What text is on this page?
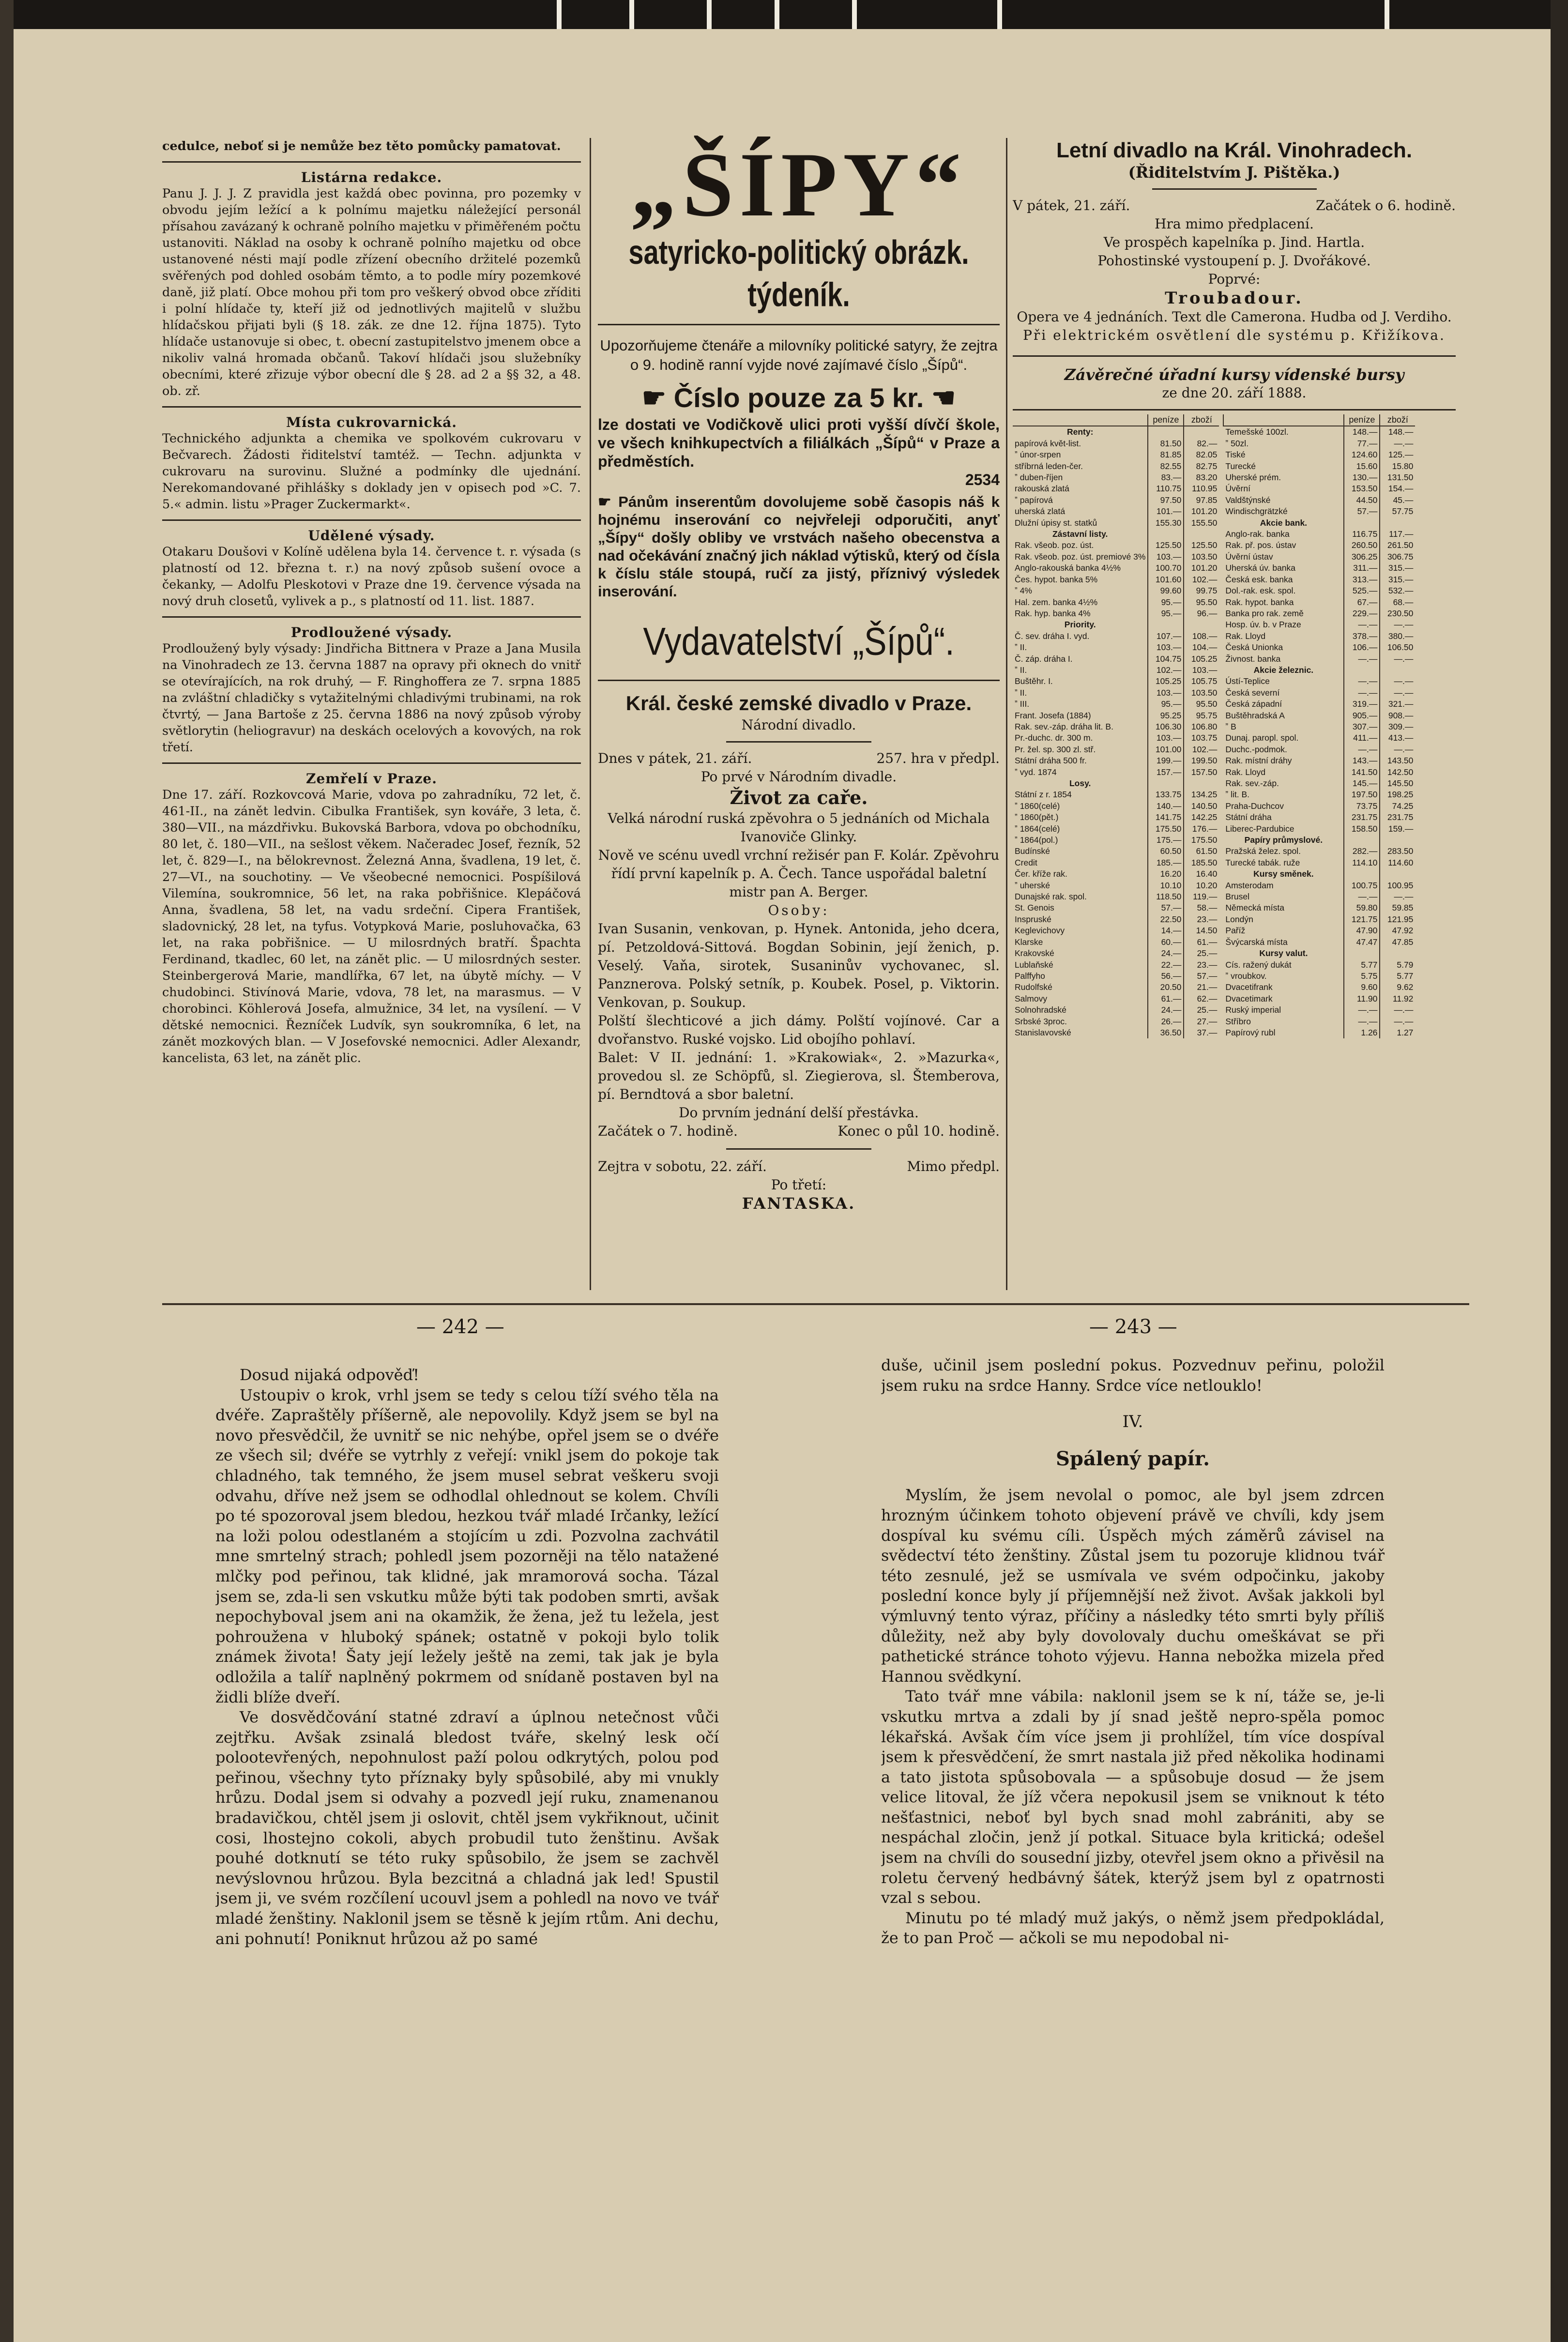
cedulce, neboť si je nemůže bez těto pomůcky pamatovat.

Listárna redakce.

Panu J. J. J. Z pravidla jest každá obec povinna, pro pozemky v obvodu jejím ležící a k polnímu majetku náležející personál přísahou zavázaný k ochraně polního majetku v přiměřeném počtu ustanoviti. Náklad na osoby k ochraně polního majetku od obce ustanovené nésti mají podle zřízení obecního držitelé pozemků svěřených pod dohled osobám těmto, a to podle míry pozemkové daně, již platí. Obce mohou při tom pro veškerý obvod obce zříditi i polní hlídače ty, kteří již od jednotlivých majitelů v službu hlídačskou přijati byli (§ 18. zák. ze dne 12. října 1875). Tyto hlídače ustanovuje si obec, t. obecní zastupitelstvo jmenem obce a nikoliv valná hromada občanů. Takoví hlídači jsou služebníky obecními, které zřizuje výbor obecní dle § 28. ad 2 a §§ 32, a 48. ob. zř.

Místa cukrovarnická.

Technického adjunkta a chemika ve spolkovém cukrovaru v Bečvarech. Žádosti řiditelství tamtéž. — Techn. adjunkta v cukrovaru na surovinu. Služné a podmínky dle ujednání. Nerekomandované přihlášky s doklady jen v opisech pod »C. 7. 5.« admin. listu »Prager Zuckermarkt«.

Udělené výsady.

Otakaru Doušovi v Kolíně udělena byla 14. července t. r. výsada (s platností od 12. března t. r.) na nový způsob sušení ovoce a čekanky, — Adolfu Pleskotovi v Praze dne 19. července výsada na nový druh closetů, vylivek a p., s platností od 11. list. 1887.

Prodloužené výsady.

Prodloužený byly výsady: Jindřicha Bittnera v Praze a Jana Musila na Vinohradech ze 13. června 1887 na opravy při oknech do vnitř se otevírajících, na rok druhý, — F. Ringhoffera ze 7. srpna 1885 na zvláštní chladičky s vytažitelnými chladivými trubinami, na rok čtvrtý, — Jana Bartoše z 25. června 1886 na nový způsob výroby světlorytin (heliogravur) na deskách ocelových a kovových, na rok třetí.

Zemřelí v Praze.

Dne 17. září. Rozkovcová Marie, vdova po zahradníku, 72 let, č. 461-II., na zánět ledvin. Cibulka František, syn kováře, 3 leta, č. 380—VII., na mázdřivku. Bukovská Barbora, vdova po obchodníku, 80 let, č. 180—VII., na sešlost věkem. Načeradec Josef, řezník, 52 let, č. 829—I., na bělokrevnost. Železná Anna, švadlena, 19 let, č. 27—VI., na souchotiny. — Ve všeobecné nemocnici. Pospíšilová Vilemína, soukromnice, 56 let, na raka pobřišnice. Klepáčová Anna, švadlena, 58 let, na vadu srdeční. Cipera František, sladovnický, 28 let, na tyfus. Votypková Marie, posluhovačka, 63 let, na raka pobřišnice. — U milosrdných bratří. Špachta Ferdinand, tkadlec, 60 let, na zánět plic. — U milosrdných sester. Steinbergerová Marie, mandlířka, 67 let, na úbytě míchy. — V chudobinci. Stivínová Marie, vdova, 78 let, na marasmus. — V chorobinci. Köhlerová Josefa, almužnice, 34 let, na vysílení. — V dětské nemocnici. Řezníček Ludvík, syn soukromníka, 6 let, na zánět mozkových blan. — V Josefovské nemocnici. Adler Alexandr, kancelista, 63 let, na zánět plic.

„ŠÍPY“
satyricko-politický obrázk. týdeník.

Upozorňujeme čtenáře a milovníky politické satyry, že zejtra o 9. hodině ranní vyjde nové zajímavé číslo „Šípů“.

☛ Číslo pouze za 5 kr. ☚

lze dostati ve Vodičkově ulici proti vyšší dívčí škole, ve všech knihkupectvích a filiálkách „Šípů“ v Praze a předměstích.

2534

☛ Pánům inserentům dovolujeme sobě časopis náš k hojnému inserování co nejvřeleji odporučiti, anyť „Šípy“ došly obliby ve vrstvách našeho obecenstva a nad očekávání značný jich náklad výtisků, který od čísla k číslu stále stoupá, ručí za jistý, příznivý výsledek inserování.

Vydavatelství „Šípů“.

Král. české zemské divadlo v Praze.

Národní divadlo.

Dnes v pátek, 21. září.	257. hra v předpl.

Po prvé v Národním divadle.

Život za caře.

Velká národní ruská zpěvohra o 5 jednáních od Michala Ivanoviče Glinky.

Nově ve scénu uvedl vrchní režisér pan F. Kolár. Zpěvohru řídí první kapelník p. A. Čech. Tance uspořádal baletní mistr pan A. Berger.

Osoby:

Ivan Susanin, venkovan, p. Hynek. Antonida, jeho dcera, pí. Petzoldová-Sittová. Bogdan Sobinin, její ženich, p. Veselý. Vaňa, sirotek, Susaninův vychovanec, sl. Panznerova. Polský setník, p. Koubek. Posel, p. Viktorin. Venkovan, p. Soukup.

Polští šlechticové a jich dámy. Polští vojínové. Car a dvořanstvo. Ruské vojsko. Lid obojího pohlaví.

Balet: V II. jednání: 1. »Krakowiak«, 2. »Mazurka«, provedou sl. ze Schöpfů, sl. Ziegierova, sl. Štemberova, pí. Berndtová a sbor baletní.

Do prvním jednání delší přestávka.

Začátek o 7. hodině.	Konec o půl 10. hodině.
Zejtra v sobotu, 22. září.	Mimo předpl.

Po třetí:

FANTASKA.

Letní divadlo na Král. Vinohradech.

(Řiditelstvím J. Pištěka.)

V pátek, 21. září.	Začátek o 6. hodině.

Hra mimo předplacení.

Ve prospěch kapelníka p. Jind. Hartla.

Pohostinské vystoupení p. J. Dvořákové.

Poprvé:

Troubadour.

Opera ve 4 jednáních. Text dle Camerona. Hudba od J. Verdiho.

Při elektrickém osvětlení dle systému p. Křižíkova.

Závěrečné úřadní kursy vídenské bursy

ze dne 20. září 1888.

	peníze	zboží
Renty:		
papírová květ-list.	81.50	82.—
ˮ únor-srpen	81.85	82.05
stříbrná leden-čer.	82.55	82.75
ˮ duben-říjen	83.—	83.20
rakouská zlatá	110.75	110.95
ˮ papírová	97.50	97.85
uherská zlatá	101.—	101.20
Dlužní úpisy st. statků	155.30	155.50
Zástavní listy.		
Rak. všeob. poz. úst.	125.50	125.50
Rak. všeob. poz. úst. premiové 3%	103.—	103.50
Anglo-rakouská banka 4½%	100.70	101.20
Čes. hypot. banka 5%	101.60	102.—
ˮ 4%	99.60	99.75
Hal. zem. banka 4½%	95.—	95.50
Rak. hyp. banka 4%	95.—	96.—
Priority.		
Č. sev. dráha I. vyd.	107.—	108.—
ˮ II.	103.—	104.—
Č. záp. dráha I.	104.75	105.25
ˮ II.	102.—	103.—
Buštěhr. I.	105.25	105.75
ˮ II.	103.—	103.50
ˮ III.	95.—	95.50
Frant. Josefa (1884)	95.25	95.75
Rak. sev.-záp. dráha lit. B.	106.30	106.80
Pr.-duchc. dr. 300 m.	103.—	103.75
Pr. žel. sp. 300 zl. stř.	101.00	102.—
Státní dráha 500 fr.	199.—	199.50
ˮ vyd. 1874	157.—	157.50
Losy.		
Státní z r. 1854	133.75	134.25
ˮ 1860(celé)	140.—	140.50
ˮ 1860(pět.)	141.75	142.25
ˮ 1864(celé)	175.50	176.—
ˮ 1864(pol.)	175.—	175.50
Budínské	60.50	61.50
Credit	185.—	185.50
Čer. kříže rak.	16.20	16.40
ˮ uherské	10.10	10.20
Dunajské rak. spol.	118.50	119.—
St. Genois	57.—	58.—
Inspruské	22.50	23.—
Keglevichovy	14.—	14.50
Klarske	60.—	61.—
Krakovské	24.—	25.—
Lublaňské	22.—	23.—
Palffyho	56.—	57.—
Rudolfské	20.50	21.—
Salmovy	61.—	62.—
Solnohradské	24.—	25.—
Srbské 3proc.	26.—	27.—
Stanislavovské	36.50	37.—
	peníze	zboží
Temešské 100zl.	148.—	148.—
ˮ 50zl.	77.—	—.—
Tiské	124.60	125.—
Turecké	15.60	15.80
Uherské prém.	130.—	131.50
Úvěrní	153.50	154.—
Valdštýnské	44.50	45.—
Windischgrätzké	57.—	57.75
Akcie bank.		
Anglo-rak. banka	116.75	117.—
Rak. př. pos. ústav	260.50	261.50
Úvěrní ústav	306.25	306.75
Uherská úv. banka	311.—	315.—
Česká esk. banka	313.—	315.—
Dol.-rak. esk. spol.	525.—	532.—
Rak. hypot. banka	67.—	68.—
Banka pro rak. země	229.—	230.50
Hosp. úv. b. v Praze	—.—	—.—
Rak. Lloyd	378.—	380.—
Česká Unionka	106.—	106.50
Živnost. banka	—.—	—.—
Akcie železnic.		
Ústí-Teplice	—.—	—.—
Česká severní	—.—	—.—
Česká západní	319.—	321.—
Buštěhradská A	905.—	908.—
ˮ B	307.—	309.—
Dunaj. paropl. spol.	411.—	413.—
Duchc.-podmok.	—.—	—.—
Rak. místní dráhy	143.—	143.50
Rak. Lloyd	141.50	142.50
Rak. sev.-záp.	145.—	145.50
ˮ lit. B.	197.50	198.25
Praha-Duchcov	73.75	74.25
Státní dráha	231.75	231.75
Liberec-Pardubice	158.50	159.—
Papíry průmyslové.		
Pražská želez. spol.	282.—	283.50
Turecké tabák. ruže	114.10	114.60
Kursy směnek.		
Amsterodam	100.75	100.95
Brusel	—.—	—.—
Německá místa	59.80	59.85
Londýn	121.75	121.95
Paříž	47.90	47.92
Švýcarská místa	47.47	47.85
Kursy valut.		
Cís. ražený dukát	5.77	5.79
ˮ vroubkov.	5.75	5.77
Dvacetifrank	9.60	9.62
Dvacetimark	11.90	11.92
Ruský imperial	—.—	—.—
Stříbro	—.—	—.—
Papírový rubl	1.26	1.27
— 242 —	— 243 —

Dosud nijaká odpověď!

Ustoupiv o krok, vrhl jsem se tedy s celou tíží svého těla na dvéře. Zapraštěly příšerně, ale nepovolily. Když jsem se byl na novo přesvědčil, že uvnitř se nic nehýbe, opřel jsem se o dvéře ze všech sil; dvéře se vytrhly z veřejí: vnikl jsem do pokoje tak chladného, tak temného, že jsem musel sebrat veškeru svoji odvahu, dříve než jsem se odhodlal ohlednout se kolem. Chvíli po té spozoroval jsem bledou, hezkou tvář mladé Irčanky, ležící na loži polou odestlaném a stojícím u zdi. Pozvolna zachvátil mne smrtelný strach; pohledl jsem pozorněji na tělo natažené mlčky pod peřinou, tak klidné, jak mramorová socha. Tázal jsem se, zda-li sen vskutku může býti tak podoben smrti, avšak nepochyboval jsem ani na okamžik, že žena, jež tu ležela, jest pohroužena v hluboký spánek; ostatně v pokoji bylo tolik známek života! Šaty její ležely ještě na zemi, tak jak je byla odložila a talíř naplněný pokrmem od snídaně postaven byl na židli blíže dveří.

Ve dosvědčování statné zdraví a úplnou netečnost vůči zejtřku. Avšak zsinalá bledost tváře, skelný lesk očí polootevřených, nepohnulost paží polou odkrytých, polou pod peřinou, všechny tyto příznaky byly spůsobilé, aby mi vnukly hrůzu. Dodal jsem si odvahy a pozvedl její ruku, znamenanou bradavičkou, chtěl jsem ji oslovit, chtěl jsem vykřiknout, učinit cosi, lhostejno cokoli, abych probudil tuto ženštinu. Avšak pouhé dotknutí se této ruky spůsobilo, že jsem se zachvěl nevýslovnou hrůzou. Byla bezcitná a chladná jak led! Spustil jsem ji, ve svém rozčílení ucouvl jsem a pohledl na novo ve tvář mladé ženštiny. Naklonil jsem se těsně k jejím rtům. Ani dechu, ani pohnutí! Poniknut hrůzou až po samé

duše, učinil jsem poslední pokus. Pozvednuv peřinu, položil jsem ruku na srdce Hanny. Srdce více netlouklo!

IV.

Spálený papír.

Myslím, že jsem nevolal o pomoc, ale byl jsem zdrcen hrozným účinkem tohoto objevení právě ve chvíli, kdy jsem dospíval ku svému cíli. Úspěch mých záměrů závisel na svědectví této ženštiny. Zůstal jsem tu pozoruje klidnou tvář této zesnulé, jež se usmívala ve svém odpočinku, jakoby poslední konce byly jí příjemnější než život. Avšak jakkoli byl výmluvný tento výraz, příčiny a následky této smrti byly příliš důležity, než aby byly dovolovaly duchu omeškávat se při pathetické stránce tohoto výjevu. Hanna nebožka mizela před Hannou svědkyní.

Tato tvář mne vábila: naklonil jsem se k ní, táže se, je-li vskutku mrtva a zdali by jí snad ještě nepro-spěla pomoc lékařská. Avšak čím více jsem ji prohlížel, tím více dospíval jsem k přesvědčení, že smrt nastala již před několika hodinami a tato jistota spůsobovala — a spůsobuje dosud — že jsem velice litoval, že jíž včera nepokusil jsem se vniknout k této nešťastnici, neboť byl bych snad mohl zabrániti, aby se nespáchal zločin, jenž jí potkal. Situace byla kritická; odešel jsem na chvíli do sousední jizby, otevřel jsem okno a přivěsil na roletu červený hedbávný šátek, kterýž jsem byl z opatrnosti vzal s sebou.

Minutu po té mladý muž jakýs, o němž jsem předpokládal, že to pan Proč — ačkoli se mu nepodobal ni-
